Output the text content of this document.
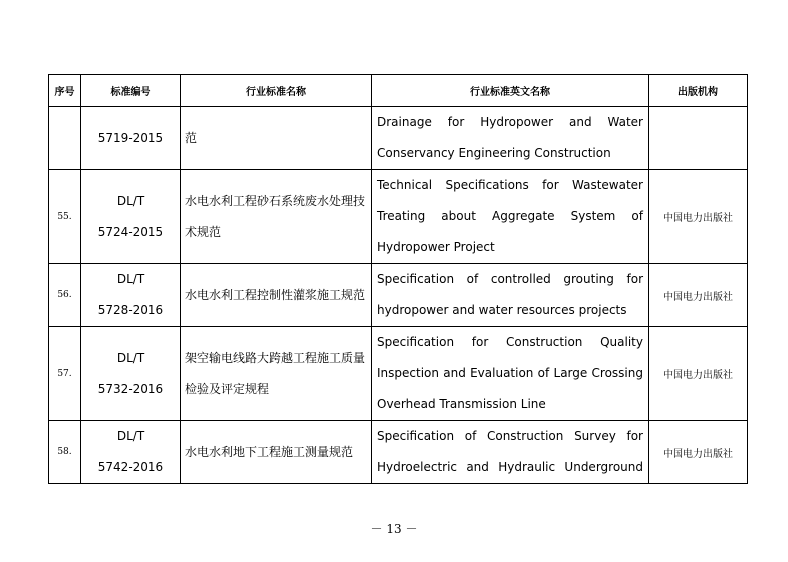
序号	标准编号	行业标准名称	行业标准英文名称	出版机构

	5719-2015	范	Drainage for Hydropower and Water
Conservancy Engineering Construction	

55.	DL/T
5724-2015	水电水利工程砂石系统废水处理技
术规范	Technical Specifications for Wastewater
Treating about Aggregate System of
Hydropower Project	中国电力出版社
56.	DL/T
5728-2016	水电水利工程控制性灌浆施工规范	Specification of controlled grouting for
hydropower and water resources projects	中国电力出版社
57.	DL/T
5732-2016	架空输电线路大跨越工程施工质量
检验及评定规程	Specification for Construction Quality
Inspection and Evaluation of Large Crossing
Overhead Transmission Line	中国电力出版社
58.	DL/T
5742-2016	水电水利地下工程施工测量规范	Specification of Construction Survey for
Hydroelectric and Hydraulic Underground	中国电力出版社
－ 13 －
